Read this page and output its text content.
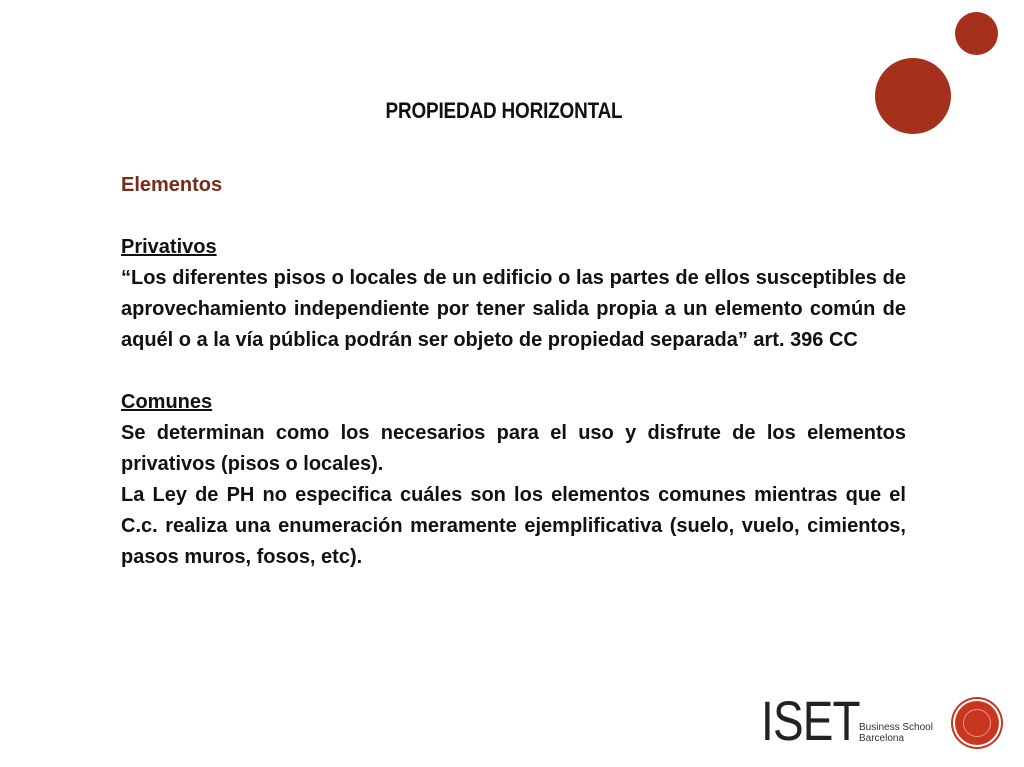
PROPIEDAD HORIZONTAL

Elementos

Privativos

“Los diferentes pisos o locales de un edificio o las partes de ellos susceptibles de aprovechamiento independiente por tener salida propia a un elemento común de aquél o a la vía pública podrán ser objeto de propiedad separada” art. 396 CC

Comunes

Se determinan como los necesarios para el uso y disfrute de los elementos privativos (pisos o locales).

La Ley de PH no especifica cuáles son los elementos comunes mientras que el C.c. realiza una enumeración meramente ejemplificativa (suelo, vuelo, cimientos, pasos muros, fosos, etc).

ISET Business School
Barcelona
